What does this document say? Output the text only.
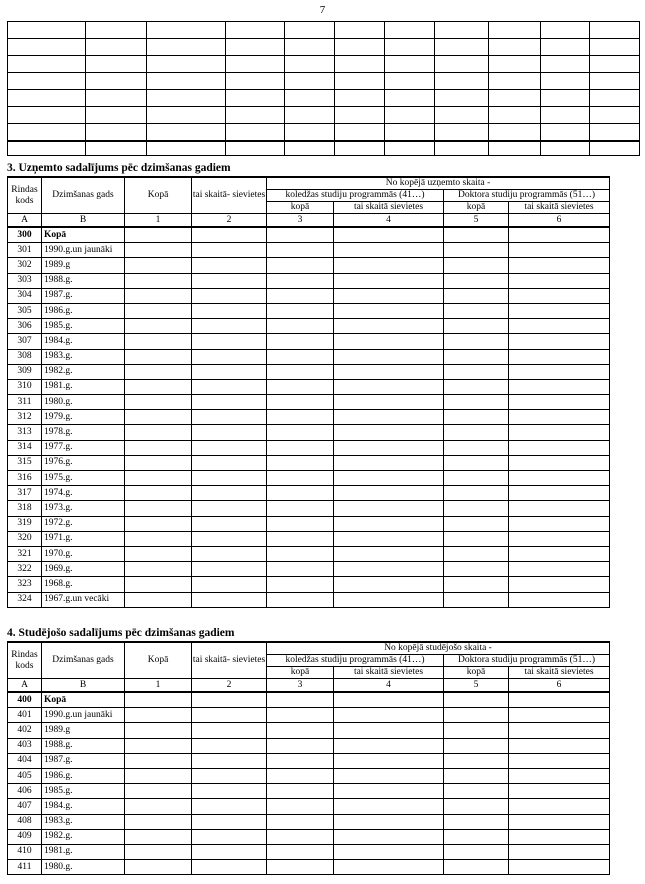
7

3. Uzņemto sadalījums pēc dzimšanas gadiem
Rindas kods	Dzimšanas gads	Kopā	tai skaitā- sievietes	No kopējā uzņemto skaita -			
				koledžas studiju programmās (41…)		Doktora studiju programmās (51…)	
				kopā	tai skaitā sievietes	kopā	tai skaitā sievietes
A	B	1	2	3	4	5	6
300	Kopā						
301	1990.g.un jaunāki						
302	1989.g						
303	1988.g.						
304	1987.g.						
305	1986.g.						
306	1985.g.						
307	1984.g.						
308	1983.g.						
309	1982.g.						
310	1981.g.						
311	1980.g.						
312	1979.g.						
313	1978.g.						
314	1977.g.						
315	1976.g.						
316	1975.g.						
317	1974.g.						
318	1973.g.						
319	1972.g.						
320	1971.g.						
321	1970.g.						
322	1969.g.						
323	1968.g.						
324	1967.g.un vecāki						
4. Studējošo sadalījums pēc dzimšanas gadiem
Rindas kods	Dzimšanas gads	Kopā	tai skaitā- sievietes	No kopējā studējošo skaita -			
				koledžas studiju programmās (41…)		Doktora studiju programmās (51…)	
				kopā	tai skaitā sievietes	kopā	tai skaitā sievietes
A	B	1	2	3	4	5	6
400	Kopā						
401	1990.g.un jaunāki						
402	1989.g						
403	1988.g.						
404	1987.g.						
405	1986.g.						
406	1985.g.						
407	1984.g.						
408	1983.g.						
409	1982.g.						
410	1981.g.						
411	1980.g.						
